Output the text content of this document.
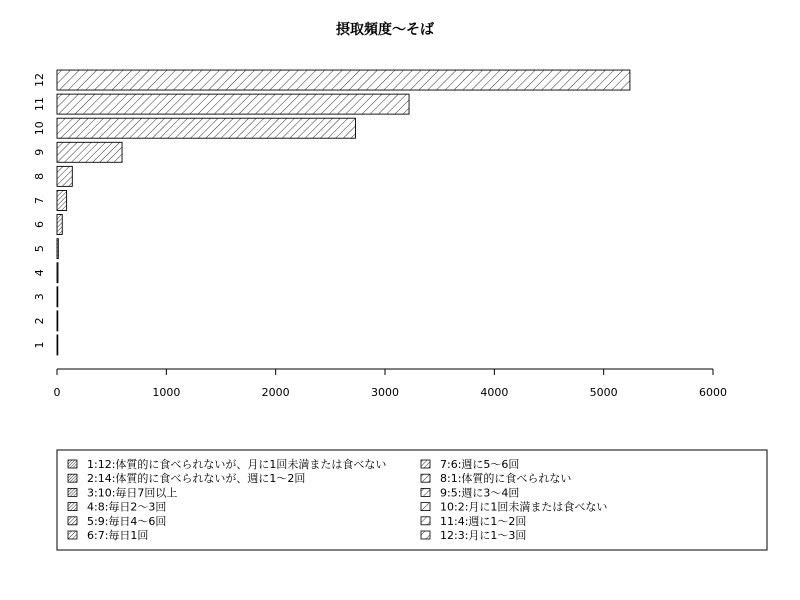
摂取頻度〜そば
1
2
3
4
5
6
7
8
9
10
11
12
0	1000	2000	3000	4000	5000	6000
1:12:体質的に食べられないが、月に1回未満または食べない
2:14:体質的に食べられないが、週に1〜2回
3:10:毎日7回以上
4:8:毎日2〜3回
5:9:毎日4〜6回
6:7:毎日1回
7:6:週に5〜6回
8:1:体質的に食べられない
9:5:週に3〜4回
10:2:月に1回未満または食べない
11:4:週に1〜2回
12:3:月に1〜3回
